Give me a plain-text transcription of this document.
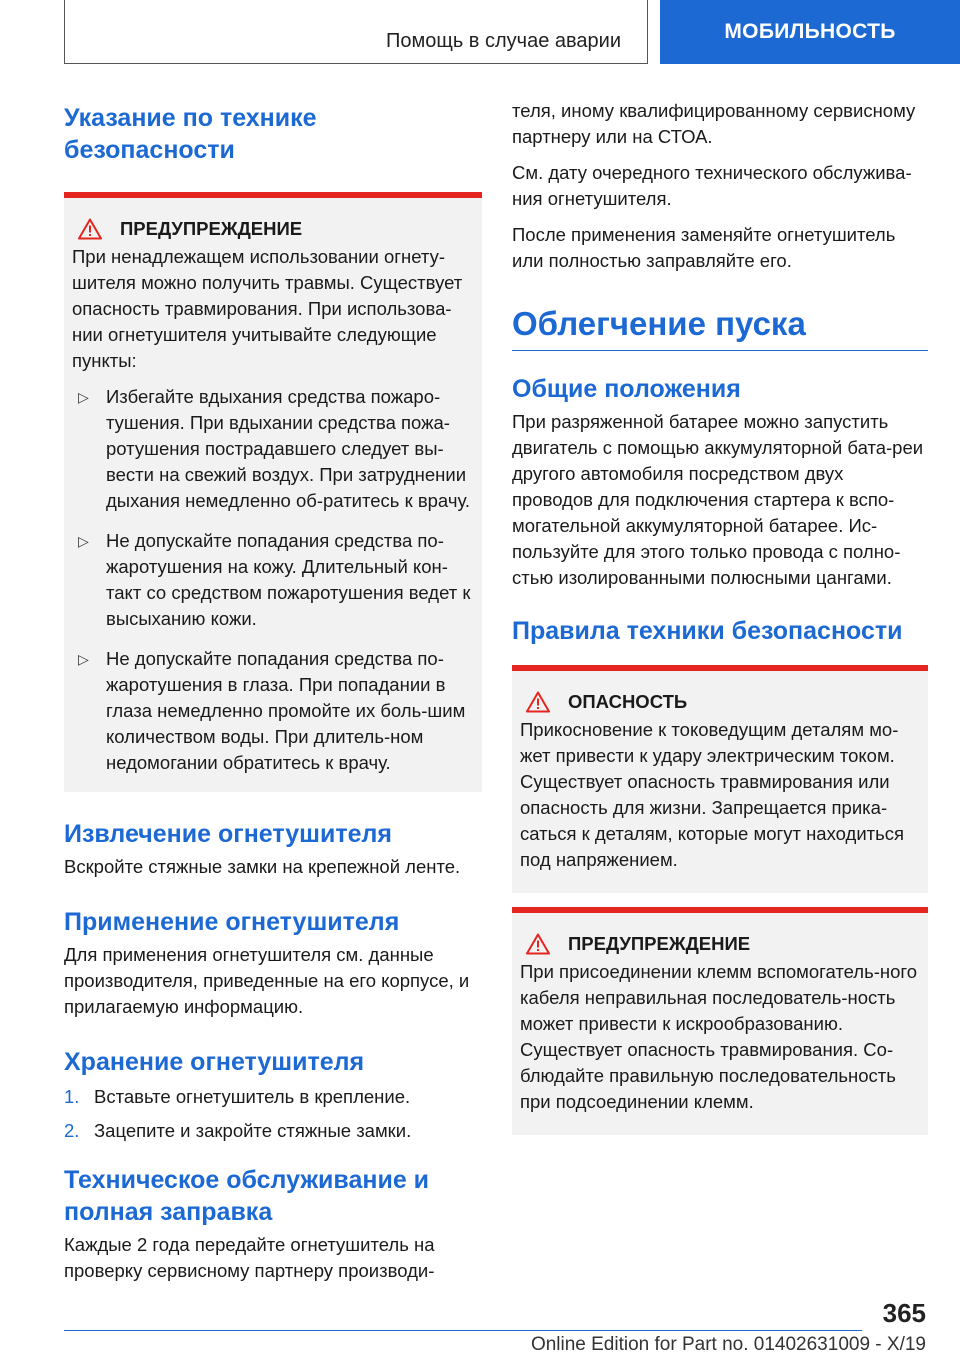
Помощь в случае аварии	МОБИЛЬНОСТЬ
Указание по технике безопасности
ПРЕДУПРЕЖДЕНИЕ

При ненадлежащем использовании огнету-шителя можно получить травмы. Существует опасность травмирования. При использова-нии огнетушителя учитывайте следующие пункты:

▷ Избегайте вдыхания средства пожаро-тушения. При вдыхании средства пожа-ротушения пострадавшего следует вы-вести на свежий воздух. При затруднении дыхания немедленно об-ратитесь к врачу.
▷ Не допускайте попадания средства по-жаротушения на кожу. Длительный кон-такт со средством пожаротушения ведет к высыханию кожи.
▷ Не допускайте попадания средства по-жаротушения в глаза. При попадании в глаза немедленно промойте их боль-шим количеством воды. При длитель-ном недомогании обратитесь к врачу.
Извлечение огнетушителя

Вскройте стяжные замки на крепежной ленте.

Применение огнетушителя

Для применения огнетушителя см. данные производителя, приведенные на его корпусе, и прилагаемую информацию.

Хранение огнетушителя
1. Вставьте огнетушитель в крепление.
2. Зацепите и закройте стяжные замки.
Техническое обслуживание и полная заправка

Каждые 2 года передайте огнетушитель на проверку сервисному партнеру производи-

теля, иному квалифицированному сервисному партнеру или на СТОА.

См. дату очередного технического обслужива-ния огнетушителя.

После применения заменяйте огнетушитель или полностью заправляйте его.

Облегчение пуска
Общие положения

При разряженной батарее можно запустить двигатель с помощью аккумуляторной бата-реи другого автомобиля посредством двух проводов для подключения стартера к вспо-могательной аккумуляторной батарее. Ис-пользуйте для этого только провода с полно-стью изолированными полюсными цангами.

Правила техники безопасности
ОПАСНОСТЬ

Прикосновение к токоведущим деталям мо-жет привести к удару электрическим током. Существует опасность травмирования или опасность для жизни. Запрещается прика-саться к деталям, которые могут находиться под напряжением.

ПРЕДУПРЕЖДЕНИЕ

При присоединении клемм вспомогатель-ного кабеля неправильная последователь-ность может привести к искрообразованию. Существует опасность травмирования. Со-блюдайте правильную последовательность при подсоединении клемм.

365
Online Edition for Part no. 01402631009 - X/19
